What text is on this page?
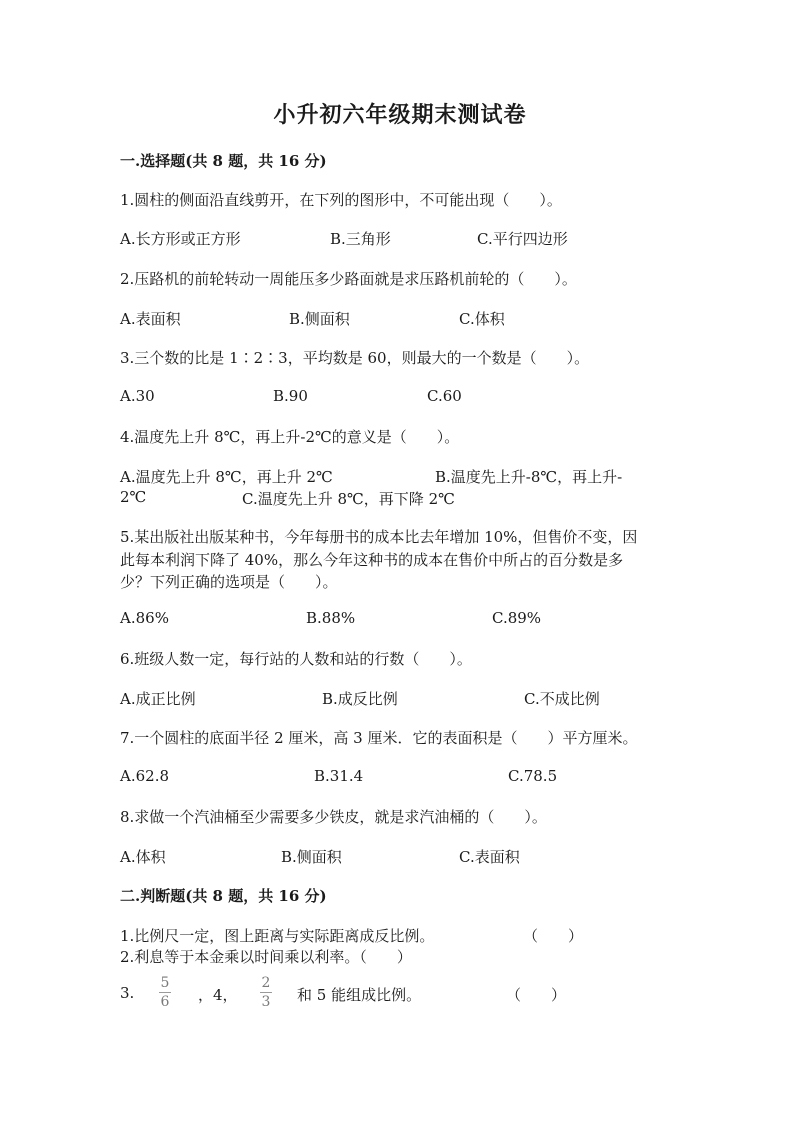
小升初六年级期末测试卷
一.选择题(共 8 题，共 16 分)
1.圆柱的侧面沿直线剪开，在下列的图形中，不可能出现（　　）。
A.长方形或正方形	B.三角形	C.平行四边形
2.压路机的前轮转动一周能压多少路面就是求压路机前轮的（　　）。
A.表面积	B.侧面积	C.体积
3.三个数的比是 1∶2∶3，平均数是 60，则最大的一个数是（　　）。
A.30	B.90	C.60
4.温度先上升 8℃，再上升-2℃的意义是（　　）。
A.温度先上升 8℃，再上升 2℃	B.温度先上升-8℃，再上升-
2℃	C.温度先上升 8℃，再下降 2℃
5.某出版社出版某种书，今年每册书的成本比去年增加 10%，但售价不变，因
此每本利润下降了 40%，那么今年这种书的成本在售价中所占的百分数是多
少？下列正确的选项是（　　）。
A.86%	B.88%	C.89%
6.班级人数一定，每行站的人数和站的行数（　　）。
A.成正比例	B.成反比例	C.不成比例
7.一个圆柱的底面半径 2 厘米，高 3 厘米．它的表面积是（　　）平方厘米。
A.62.8	B.31.4	C.78.5
8.求做一个汽油桶至少需要多少铁皮，就是求汽油桶的（　　）。
A.体积	B.侧面积	C.表面积
二.判断题(共 8 题，共 16 分)
1.比例尺一定，图上距离与实际距离成反比例。	（　　）
2.利息等于本金乘以时间乘以利率。（　　）
3.
5
6 ，4，
2
3 和 5 能组成比例。	（　　）
